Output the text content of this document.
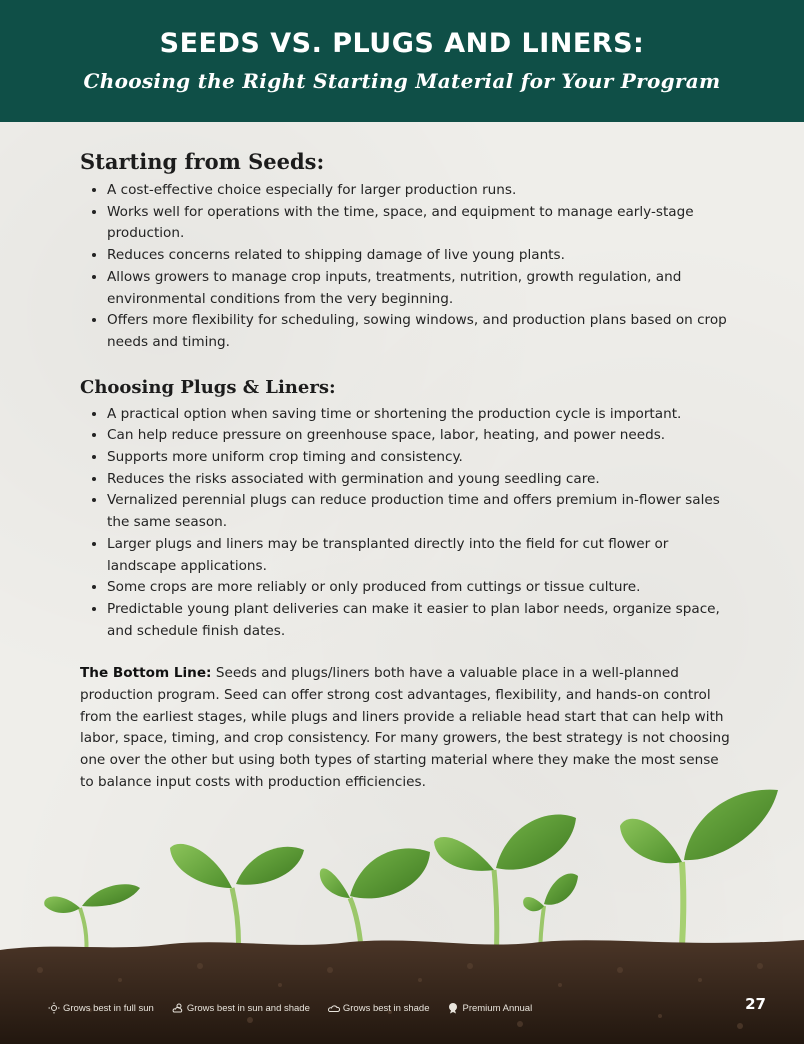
SEEDS VS. PLUGS AND LINERS:
Choosing the Right Starting Material for Your Program
Starting from Seeds:
• A cost-effective choice especially for larger production runs.
• Works well for operations with the time, space, and equipment to manage early-stage production.
• Reduces concerns related to shipping damage of live young plants.
• Allows growers to manage crop inputs, treatments, nutrition, growth regulation, and environmental conditions from the very beginning.
• Offers more flexibility for scheduling, sowing windows, and production plans based on crop needs and timing.
Choosing Plugs & Liners:
• A practical option when saving time or shortening the production cycle is important.
• Can help reduce pressure on greenhouse space, labor, heating, and power needs.
• Supports more uniform crop timing and consistency.
• Reduces the risks associated with germination and young seedling care.
• Vernalized perennial plugs can reduce production time and offers premium in-flower sales the same season.
• Larger plugs and liners may be transplanted directly into the field for cut flower or landscape applications.
• Some crops are more reliably or only produced from cuttings or tissue culture.
• Predictable young plant deliveries can make it easier to plan labor needs, organize space, and schedule finish dates.

The Bottom Line: Seeds and plugs/liners both have a valuable place in a well-planned production program. Seed can offer strong cost advantages, flexibility, and hands-on control from the earliest stages, while plugs and liners provide a reliable head start that can help with labor, space, timing, and crop consistency. For many growers, the best strategy is not choosing one over the other but using both types of starting material where they make the most sense to balance input costs with production efficiencies.

Grows best in full sun	Grows best in sun and shade	Grows best in shade	Premium Annual	27
